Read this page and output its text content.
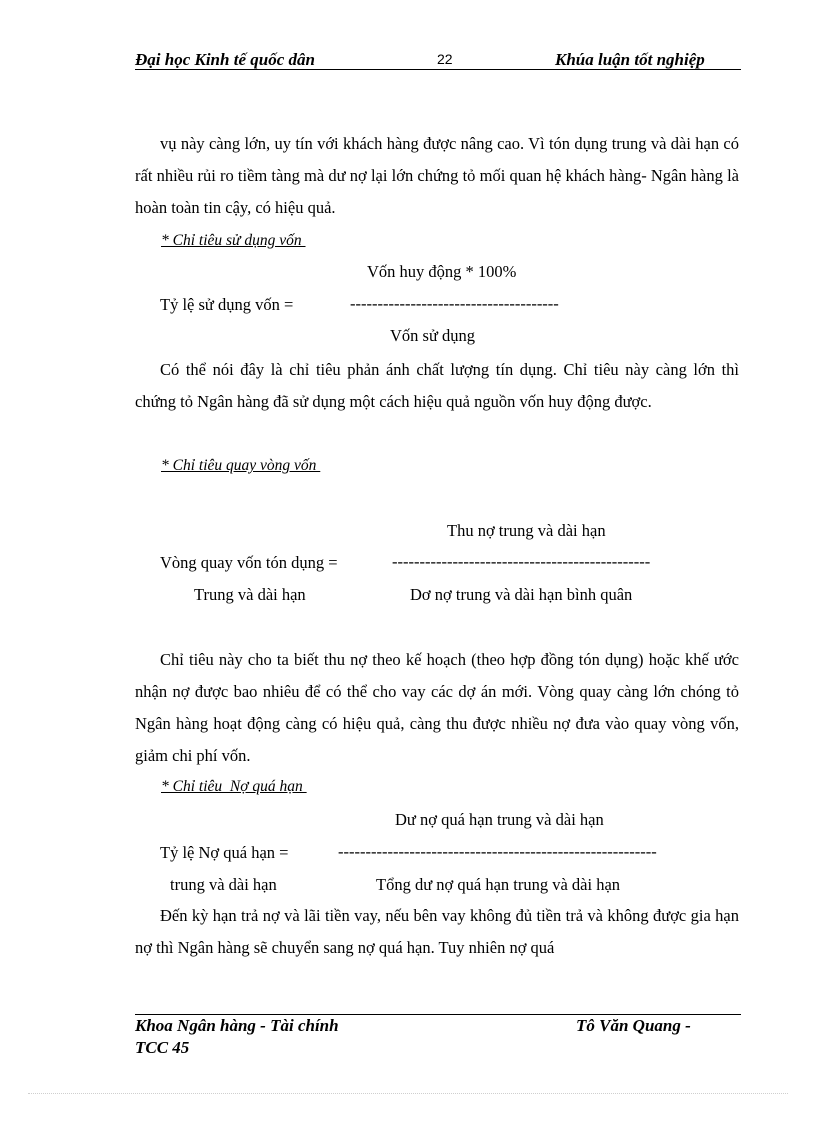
Đại học Kinh tế quốc dân	22	Khúa luận tốt nghiệp
vụ này càng lớn, uy tín với khách hàng được nâng cao. Vì tón dụng trung và dài hạn có rất nhiều rủi ro tiềm tàng mà dư nợ lại lớn chứng tỏ mối quan hệ khách hàng- Ngân hàng là hoàn toàn tin cậy, có hiệu quả.
* Chỉ tiêu sử dụng vốn
Vốn huy động * 100%
Tỷ lệ sử dụng vốn =	--------------------------------------
Vốn sử dụng
Có thể nói đây là chỉ tiêu phản ánh chất lượng tín dụng. Chỉ tiêu này càng lớn thì chứng tỏ Ngân hàng đã sử dụng một cách hiệu quả nguồn vốn huy động được.
* Chỉ tiêu quay vòng vốn
Thu nợ trung và dài hạn
Vòng quay vốn tón dụng =	-----------------------------------------------
Trung và dài hạn	Dơ nợ trung và dài hạn bình quân
Chỉ tiêu này cho ta biết thu nợ theo kế hoạch (theo hợp đồng tón dụng) hoặc khế ước nhận nợ được bao nhiêu để có thể cho vay các dợ án mới. Vòng quay càng lớn chóng tỏ Ngân hàng hoạt động càng có hiệu quả, càng thu được nhiều nợ đưa vào quay vòng vốn, giảm chi phí vốn.
* Chỉ tiêu  Nợ quá hạn
Dư nợ quá hạn trung và dài hạn
Tỷ lệ Nợ quá hạn =	----------------------------------------------------------
trung và dài hạn	Tổng dư nợ quá hạn trung và dài hạn
Đến kỳ hạn trả nợ và lãi tiền vay, nếu bên vay không đủ tiền trả và không được gia hạn nợ thì Ngân hàng sẽ chuyển sang nợ quá hạn. Tuy nhiên nợ quá
Khoa Ngân hàng - Tài chính	Tô Văn Quang -
TCC 45
